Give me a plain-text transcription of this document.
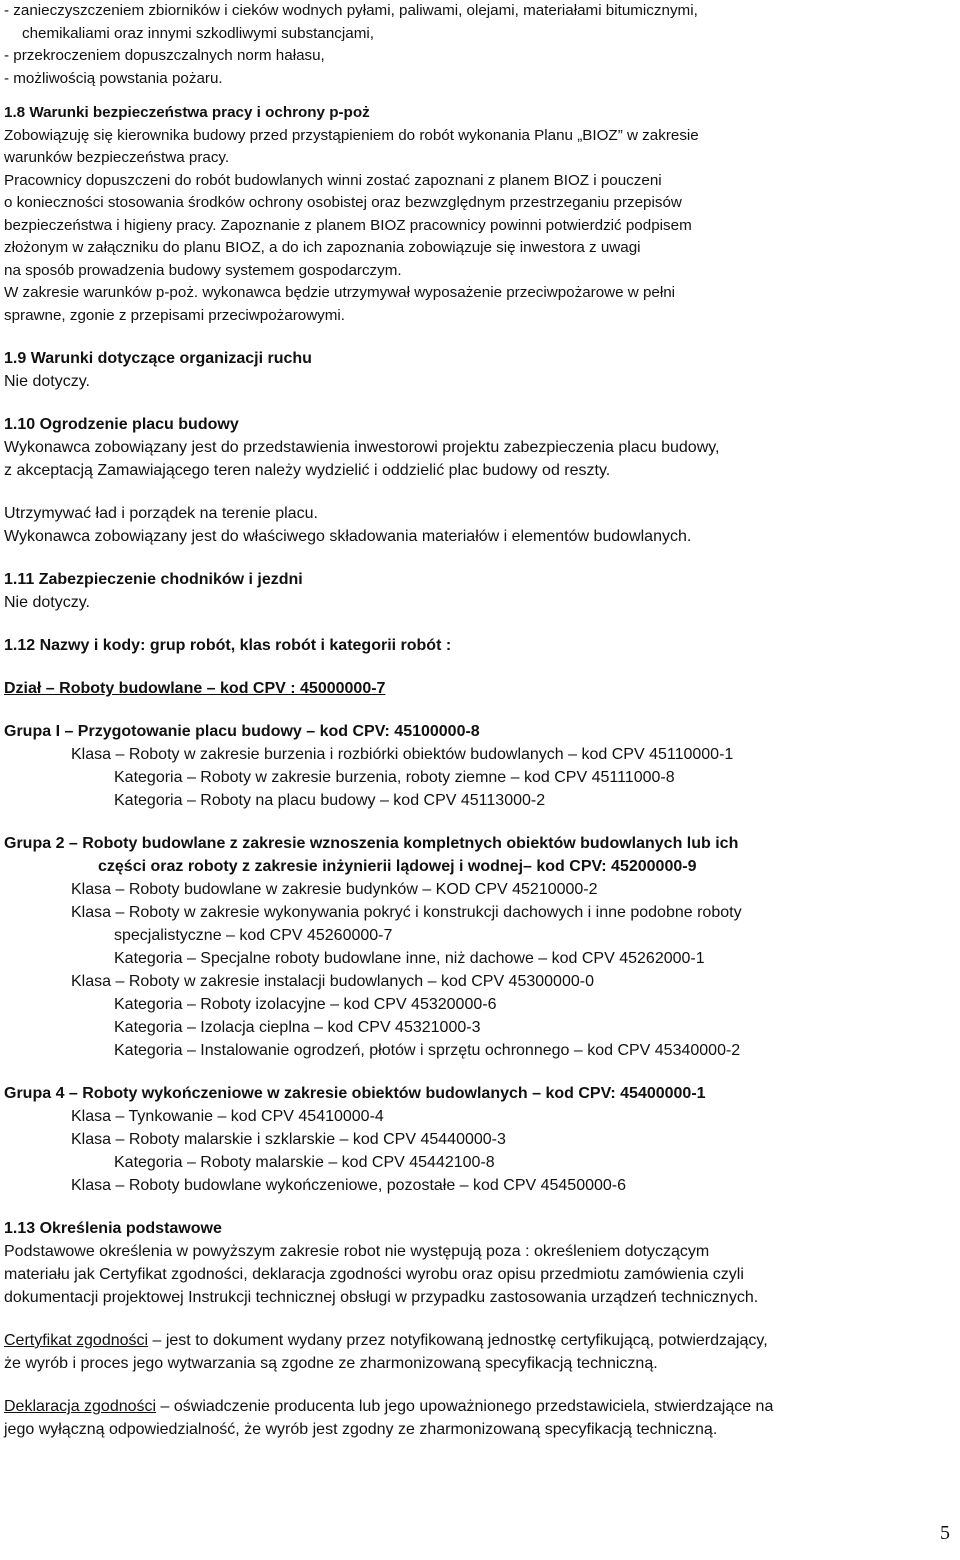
- zanieczyszczeniem zbiorników i cieków wodnych pyłami, paliwami, olejami, materiałami bitumicznymi,
chemikaliami oraz innymi szkodliwymi substancjami,
- przekroczeniem dopuszczalnych norm hałasu,
- możliwością powstania pożaru.
1.8 Warunki bezpieczeństwa pracy i ochrony p-poż
Zobowiązuję się kierownika budowy przed przystąpieniem do robót wykonania Planu „BIOZ” w zakresie
warunków bezpieczeństwa pracy.
Pracownicy dopuszczeni do robót budowlanych winni zostać zapoznani z planem BIOZ i pouczeni
o konieczności stosowania środków ochrony osobistej oraz bezwzględnym przestrzeganiu przepisów
bezpieczeństwa i higieny pracy. Zapoznanie z planem BIOZ pracownicy powinni potwierdzić podpisem
złożonym w załączniku do planu BIOZ, a do ich zapoznania zobowiązuje się inwestora z uwagi
na sposób prowadzenia budowy systemem gospodarczym.
W zakresie warunków p-poż. wykonawca będzie utrzymywał wyposażenie przeciwpożarowe w pełni
sprawne, zgonie z przepisami przeciwpożarowymi.
1.9 Warunki dotyczące organizacji ruchu
Nie dotyczy.
1.10 Ogrodzenie placu budowy
Wykonawca zobowiązany jest do przedstawienia inwestorowi projektu zabezpieczenia placu budowy,
z akceptacją Zamawiającego teren należy wydzielić i oddzielić plac budowy od reszty.
Utrzymywać ład i porządek na terenie placu.
Wykonawca zobowiązany jest do właściwego składowania materiałów i elementów budowlanych.
1.11 Zabezpieczenie chodników i jezdni
Nie dotyczy.
1.12 Nazwy i kody: grup robót, klas robót i kategorii robót :
Dział – Roboty budowlane – kod CPV : 45000000-7
Grupa I – Przygotowanie placu budowy – kod CPV: 45100000-8
Klasa – Roboty w zakresie burzenia i rozbiórki obiektów budowlanych – kod CPV 45110000-1
Kategoria – Roboty w zakresie burzenia, roboty ziemne – kod CPV 45111000-8
Kategoria – Roboty na placu budowy – kod CPV 45113000-2
Grupa 2 – Roboty budowlane z zakresie wznoszenia kompletnych obiektów budowlanych lub ich
części oraz roboty z zakresie inżynierii lądowej i wodnej– kod CPV: 45200000-9
Klasa – Roboty budowlane w zakresie budynków – KOD CPV 45210000-2
Klasa – Roboty w zakresie wykonywania pokryć i konstrukcji dachowych i inne podobne roboty
specjalistyczne – kod CPV 45260000-7
Kategoria – Specjalne roboty budowlane inne, niż dachowe – kod CPV 45262000-1
Klasa – Roboty w zakresie instalacji budowlanych – kod CPV 45300000-0
Kategoria – Roboty izolacyjne – kod CPV 45320000-6
Kategoria – Izolacja cieplna – kod CPV 45321000-3
Kategoria – Instalowanie ogrodzeń, płotów i sprzętu ochronnego – kod CPV 45340000-2
Grupa 4 – Roboty wykończeniowe w zakresie obiektów budowlanych – kod CPV: 45400000-1
Klasa – Tynkowanie – kod CPV 45410000-4
Klasa – Roboty malarskie i szklarskie – kod CPV 45440000-3
Kategoria – Roboty malarskie – kod CPV 45442100-8
Klasa – Roboty budowlane wykończeniowe, pozostałe – kod CPV 45450000-6
1.13 Określenia podstawowe
Podstawowe określenia w powyższym zakresie robot nie występują poza : określeniem dotyczącym
materiału jak Certyfikat zgodności, deklaracja zgodności wyrobu oraz opisu przedmiotu zamówienia czyli
dokumentacji projektowej Instrukcji technicznej obsługi w przypadku zastosowania urządzeń technicznych.
Certyfikat zgodności – jest to dokument wydany przez notyfikowaną jednostkę certyfikującą, potwierdzający,
że wyrób i proces jego wytwarzania są zgodne ze zharmonizowaną specyfikacją techniczną.
Deklaracja zgodności – oświadczenie producenta lub jego upoważnionego przedstawiciela, stwierdzające na
jego wyłączną odpowiedzialność, że wyrób jest zgodny ze zharmonizowaną specyfikacją techniczną.
5
